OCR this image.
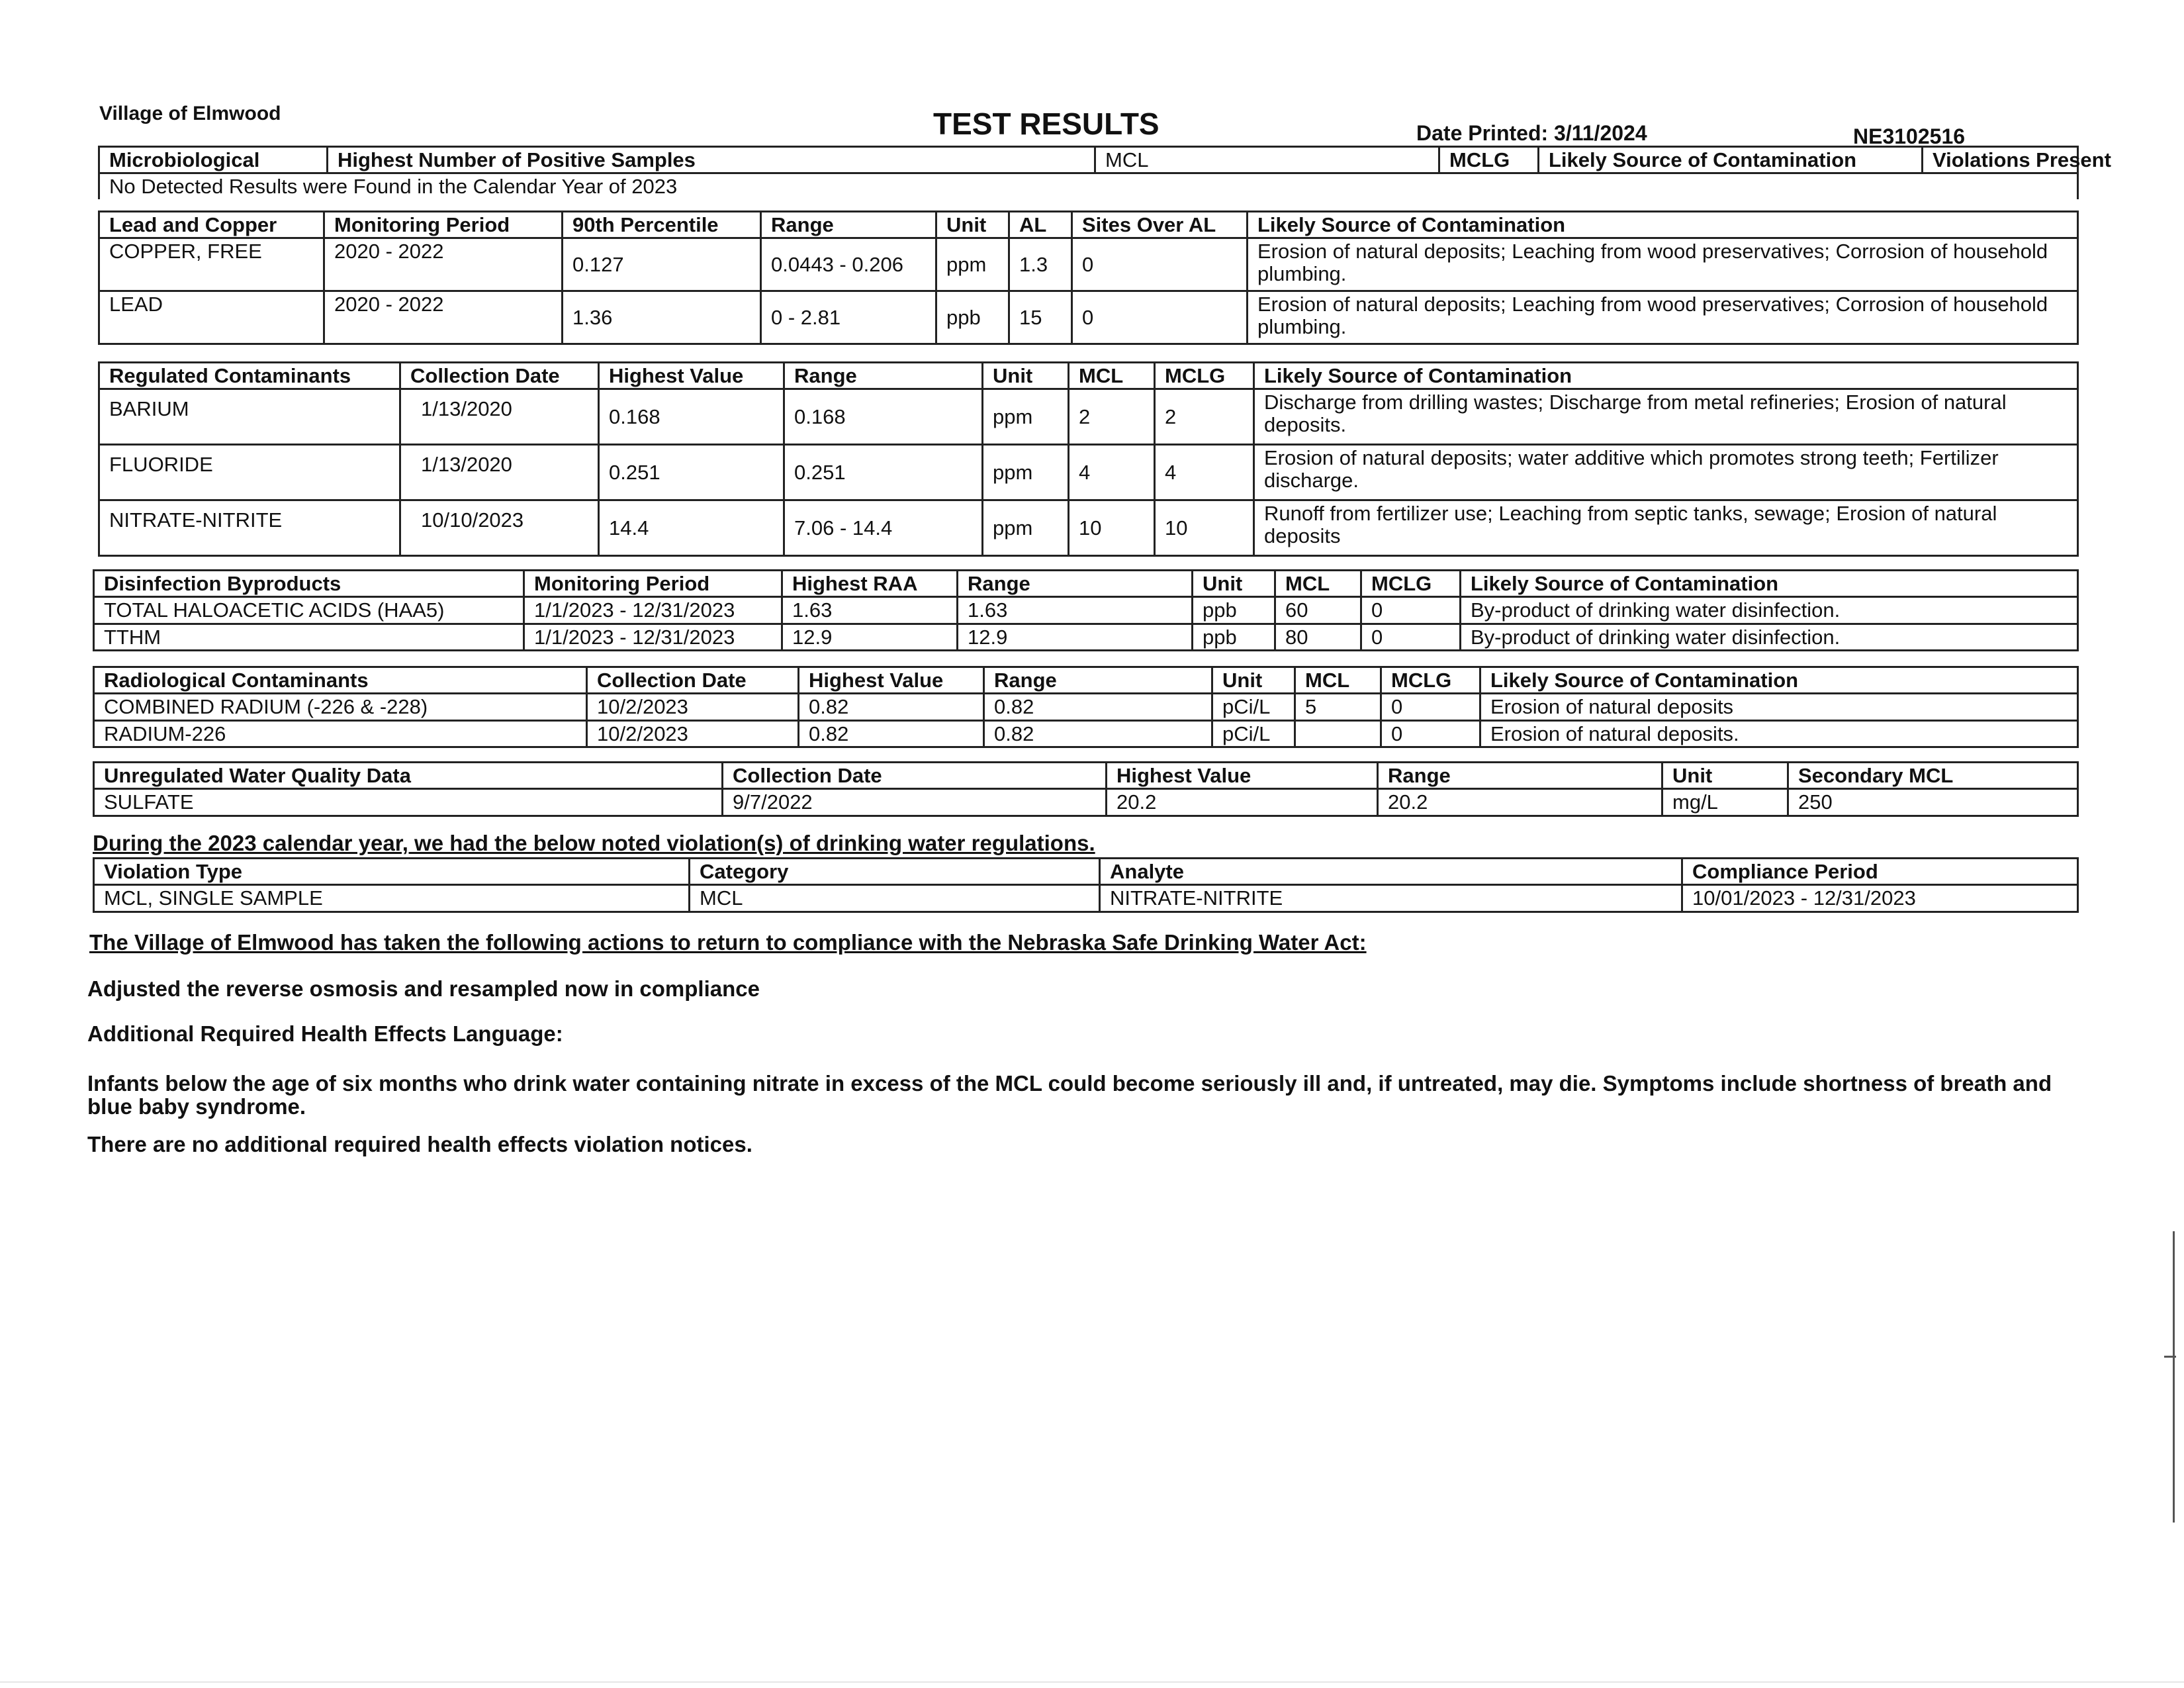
Village of Elmwood	TEST RESULTS	Date Printed: 3/11/2024	NE3102516
Microbiological	Highest Number of Positive Samples	MCL	MCLG	Likely Source of Contamination	Violations Present
No Detected Results were Found in the Calendar Year of 2023
Lead and Copper	Monitoring Period	90th Percentile	Range	Unit	AL	Sites Over AL	Likely Source of Contamination
COPPER, FREE	2020 - 2022	0.127	0.0443 - 0.206	ppm	1.3	0	Erosion of natural deposits; Leaching from wood preservatives; Corrosion of household plumbing.
LEAD	2020 - 2022	1.36	0 - 2.81	ppb	15	0	Erosion of natural deposits; Leaching from wood preservatives; Corrosion of household plumbing.
Regulated Contaminants	Collection Date	Highest Value	Range	Unit	MCL	MCLG	Likely Source of Contamination
BARIUM	1/13/2020	0.168	0.168	ppm	2	2	Discharge from drilling wastes; Discharge from metal refineries; Erosion of natural deposits.
FLUORIDE	1/13/2020	0.251	0.251	ppm	4	4	Erosion of natural deposits; water additive which promotes strong teeth; Fertilizer discharge.
NITRATE-NITRITE	10/10/2023	14.4	7.06 - 14.4	ppm	10	10	Runoff from fertilizer use; Leaching from septic tanks, sewage; Erosion of natural deposits
Disinfection Byproducts	Monitoring Period	Highest RAA	Range	Unit	MCL	MCLG	Likely Source of Contamination
TOTAL HALOACETIC ACIDS (HAA5)	1/1/2023 - 12/31/2023	1.63	1.63	ppb	60	0	By-product of drinking water disinfection.
TTHM	1/1/2023 - 12/31/2023	12.9	12.9	ppb	80	0	By-product of drinking water disinfection.
Radiological Contaminants	Collection Date	Highest Value	Range	Unit	MCL	MCLG	Likely Source of Contamination
COMBINED RADIUM (-226 & -228)	10/2/2023	0.82	0.82	pCi/L	5	0	Erosion of natural deposits
RADIUM-226	10/2/2023	0.82	0.82	pCi/L		0	Erosion of natural deposits.
Unregulated Water Quality Data	Collection Date	Highest Value	Range	Unit	Secondary MCL
SULFATE	9/7/2022	20.2	20.2	mg/L	250
During the 2023 calendar year, we had the below noted violation(s) of drinking water regulations.
Violation Type	Category	Analyte	Compliance Period
MCL, SINGLE SAMPLE	MCL	NITRATE-NITRITE	10/01/2023 - 12/31/2023
The Village of Elmwood has taken the following actions to return to compliance with the Nebraska Safe Drinking Water Act:
Adjusted the reverse osmosis and resampled now in compliance
Additional Required Health Effects Language:
Infants below the age of six months who drink water containing nitrate in excess of the MCL could become seriously ill and, if untreated, may die. Symptoms include shortness of breath and blue baby syndrome.
There are no additional required health effects violation notices.
